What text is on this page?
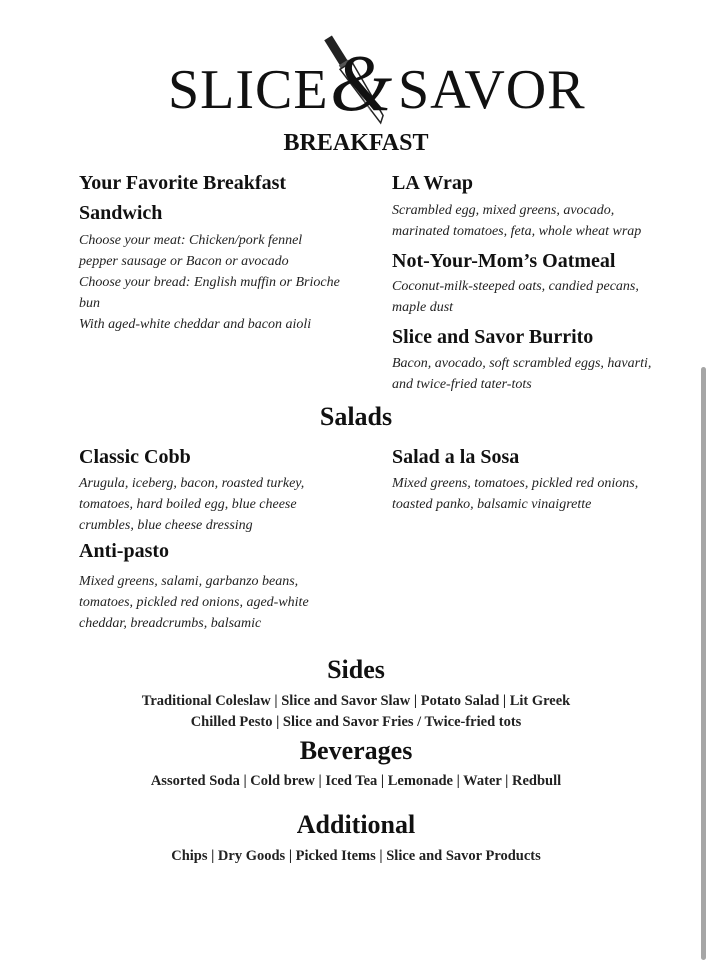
SLICE & SAVOR
BREAKFAST
Your Favorite Breakfast
Sandwich
Choose your meat: Chicken/pork fennel
pepper sausage or Bacon or avocado
Choose your bread: English muffin or Brioche
bun
With aged-white cheddar and bacon aioli
LA Wrap
Scrambled egg, mixed greens, avocado,
marinated tomatoes, feta, whole wheat wrap
Not-Your-Mom’s Oatmeal
Coconut-milk-steeped oats, candied pecans,
maple dust
Slice and Savor Burrito
Bacon, avocado, soft scrambled eggs, havarti,
and twice-fried tater-tots
Salads
Classic Cobb
Arugula, iceberg, bacon, roasted turkey,
tomatoes, hard boiled egg, blue cheese
crumbles, blue cheese dressing
Salad a la Sosa
Mixed greens, tomatoes, pickled red onions,
toasted panko, balsamic vinaigrette
Anti-pasto
Mixed greens, salami, garbanzo beans,
tomatoes, pickled red onions, aged-white
cheddar, breadcrumbs, balsamic
Sides
Traditional Coleslaw | Slice and Savor Slaw | Potato Salad | Lit Greek
Chilled Pesto | Slice and Savor Fries / Twice-fried tots
Beverages
Assorted Soda | Cold brew | Iced Tea | Lemonade | Water | Redbull
Additional
Chips | Dry Goods | Picked Items | Slice and Savor Products
